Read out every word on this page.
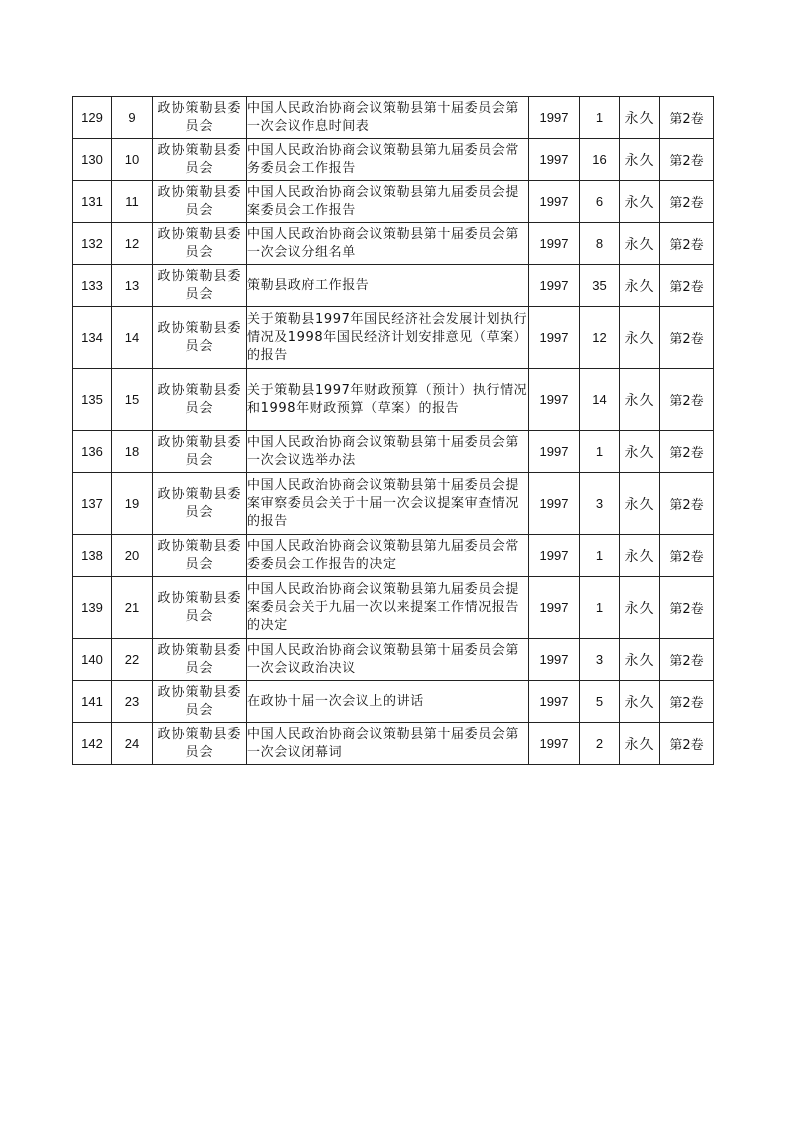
129	9	政协策勒县委员会	中国人民政治协商会议策勒县第十届委员会第一次会议作息时间表	1997	1	永久	第2卷
130	10	政协策勒县委员会	中国人民政治协商会议策勒县第九届委员会常务委员会工作报告	1997	16	永久	第2卷
131	11	政协策勒县委员会	中国人民政治协商会议策勒县第九届委员会提案委员会工作报告	1997	6	永久	第2卷
132	12	政协策勒县委员会	中国人民政治协商会议策勒县第十届委员会第一次会议分组名单	1997	8	永久	第2卷
133	13	政协策勒县委员会	策勒县政府工作报告	1997	35	永久	第2卷
134	14	政协策勒县委员会	关于策勒县1997年国民经济社会发展计划执行情况及1998年国民经济计划安排意见（草案）的报告	1997	12	永久	第2卷
135	15	政协策勒县委员会	关于策勒县1997年财政预算（预计）执行情况和1998年财政预算（草案）的报告	1997	14	永久	第2卷
136	18	政协策勒县委员会	中国人民政治协商会议策勒县第十届委员会第一次会议选举办法	1997	1	永久	第2卷
137	19	政协策勒县委员会	中国人民政治协商会议策勒县第十届委员会提案审察委员会关于十届一次会议提案审查情况的报告	1997	3	永久	第2卷
138	20	政协策勒县委员会	中国人民政治协商会议策勒县第九届委员会常委委员会工作报告的决定	1997	1	永久	第2卷
139	21	政协策勒县委员会	中国人民政治协商会议策勒县第九届委员会提案委员会关于九届一次以来提案工作情况报告的决定	1997	1	永久	第2卷
140	22	政协策勒县委员会	中国人民政治协商会议策勒县第十届委员会第一次会议政治决议	1997	3	永久	第2卷
141	23	政协策勒县委员会	在政协十届一次会议上的讲话	1997	5	永久	第2卷
142	24	政协策勒县委员会	中国人民政治协商会议策勒县第十届委员会第一次会议闭幕词	1997	2	永久	第2卷
